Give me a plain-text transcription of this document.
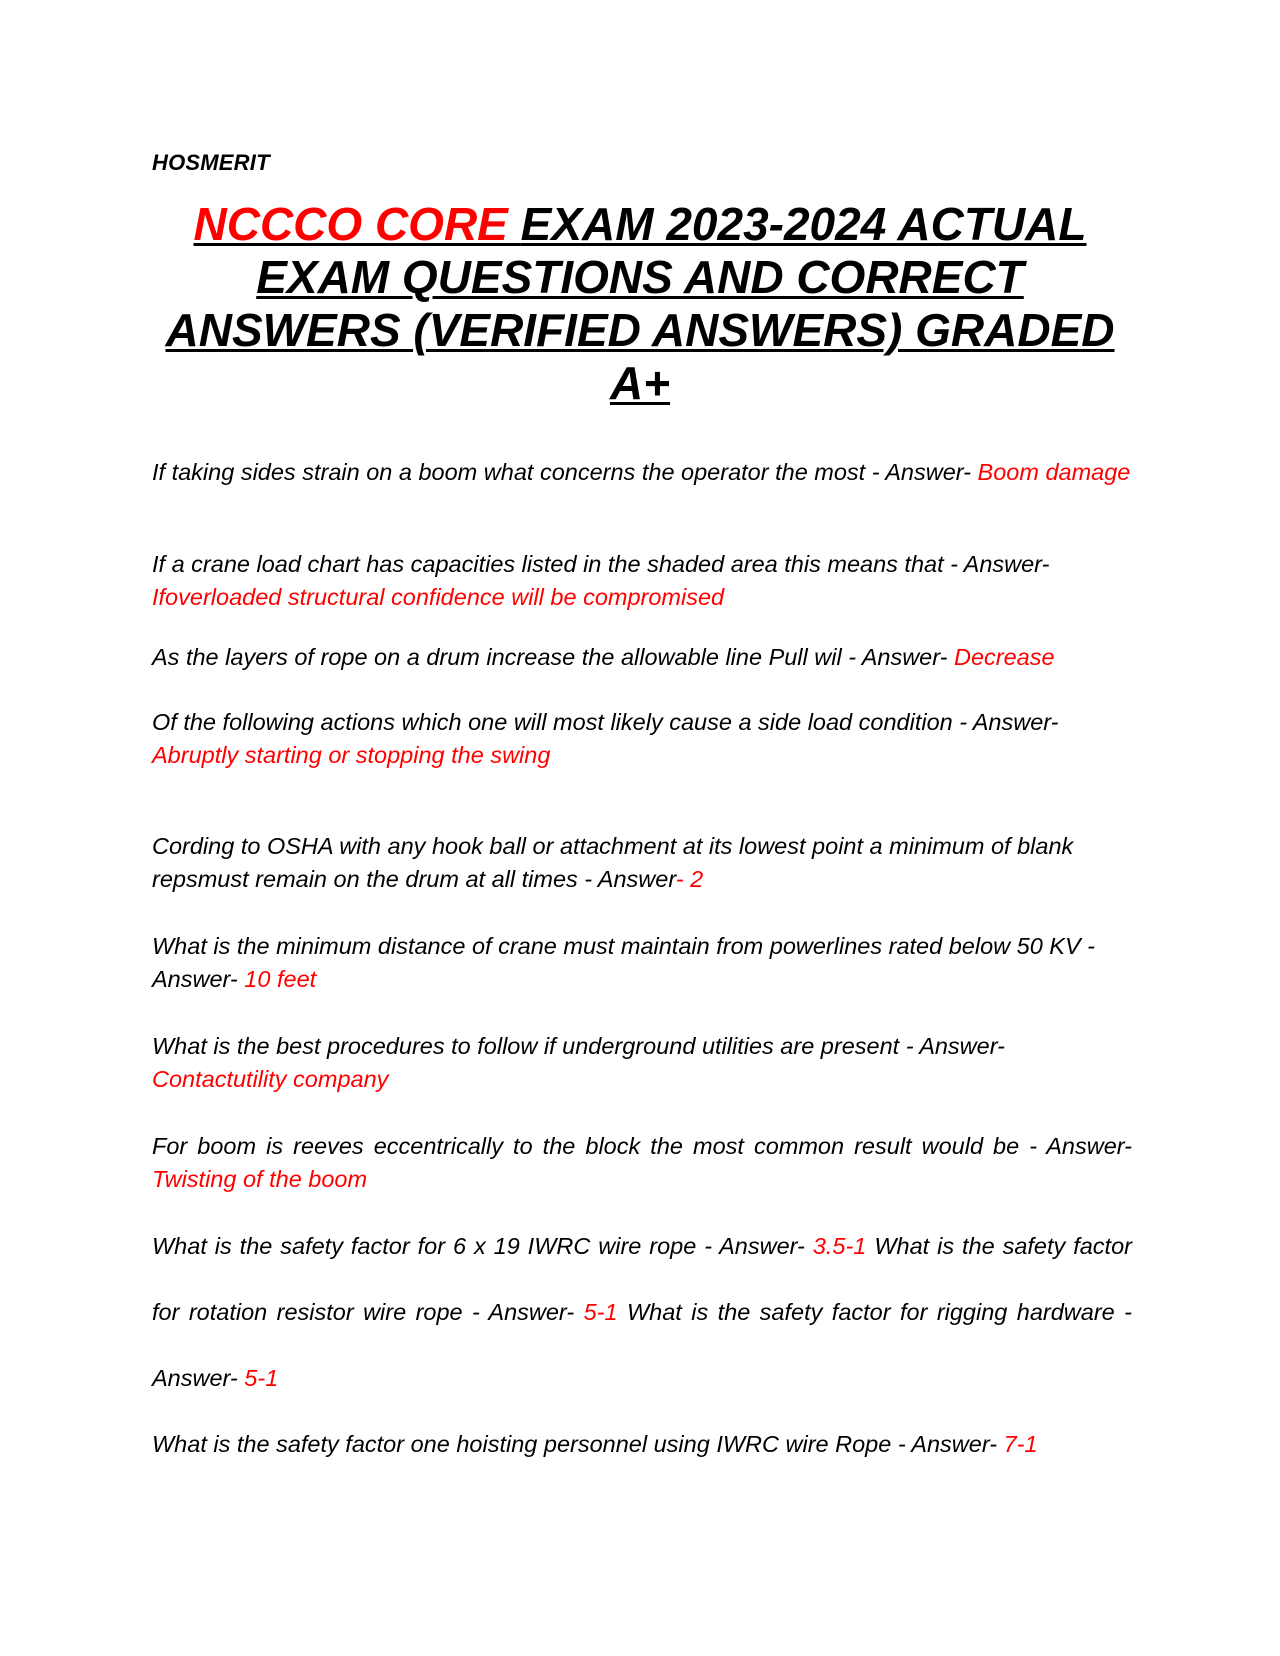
HOSMERIT
NCCCO CORE EXAM 2023-2024 ACTUAL EXAM QUESTIONS AND CORRECT ANSWERS (VERIFIED ANSWERS) GRADED A+

If taking sides strain on a boom what concerns the operator the most - Answer- Boom damage

If a crane load chart has capacities listed in the shaded area this means that - Answer- Ifoverloaded structural confidence will be compromised

As the layers of rope on a drum increase the allowable line Pull wil - Answer- Decrease

Of the following actions which one will most likely cause a side load condition - Answer- Abruptly starting or stopping the swing

Cording to OSHA with any hook ball or attachment at its lowest point a minimum of blank repsmust remain on the drum at all times - Answer- 2

What is the minimum distance of crane must maintain from powerlines rated below 50 KV -Answer- 10 feet

What is the best procedures to follow if underground utilities are present - Answer- Contactutility company

For boom is reeves eccentrically to the block the most common result would be - Answer-Twisting of the boom

What is the safety factor for 6 x 19 IWRC wire rope - Answer- 3.5-1 What is the safety factor for rotation resistor wire rope - Answer- 5-1 What is the safety factor for rigging hardware - Answer- 5-1

What is the safety factor one hoisting personnel using IWRC wire Rope - Answer- 7-1
